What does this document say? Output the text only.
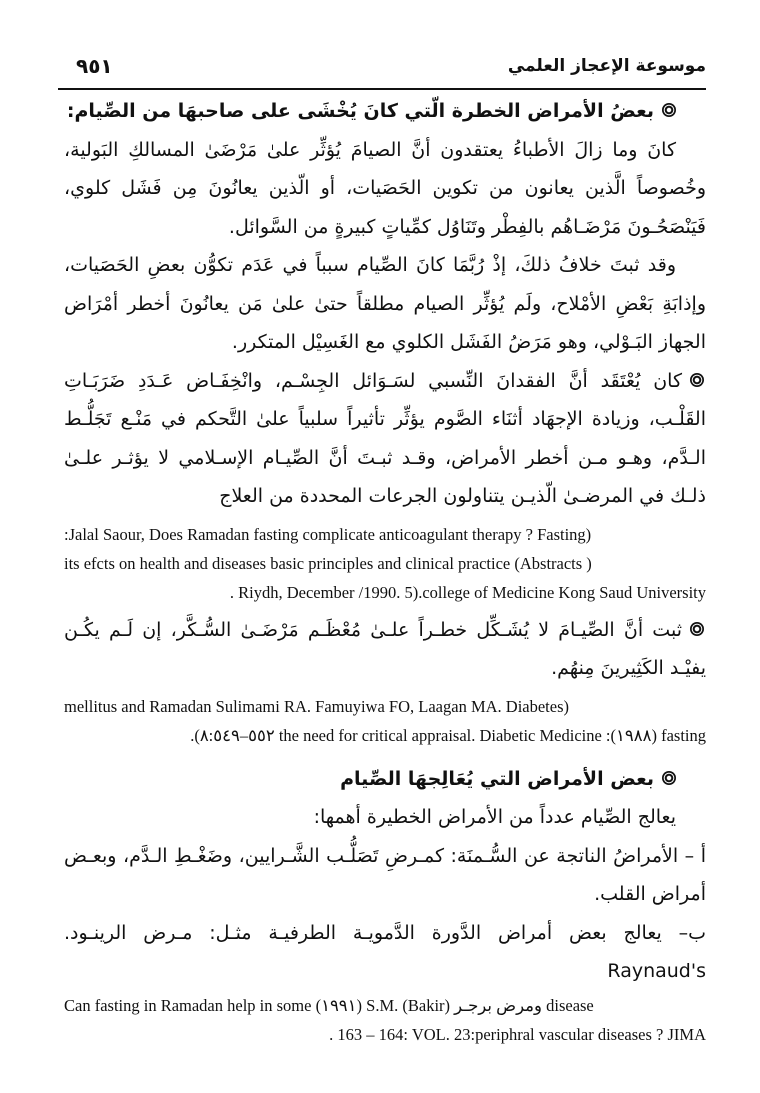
٩٥١	موسوعة الإعجاز العلمي

بعضُ الأمراض الخطرة الّتي كانَ يُخْشَى على صاحبهَا من الصِّيام:

كانَ وما زالَ الأطباءُ يعتقدون أنَّ الصيامَ يُؤثِّر علىٰ مَرْضَىٰ المسالكِ البَولية، وخُصوصاً الَّذين يعانون من تكوين الحَصَيات، أو الّذين يعانُونَ مِن فَشَل كلوي، فَيَنْصَحُـونَ مَرْضَـاهُم بالفِطْر وتَنَاوُل كمِّياتٍ كبيرةٍ من السَّوائل.

وقد ثبتَ خلافُ ذلكَ، إذْ رُبَّمَا كانَ الصِّيام سبباً في عَدَم تكوُّن بعضِ الحَصَيات، وإذابَةِ بَعْضِ الأمْلاح، ولَم يُؤثِّر الصيام مطلقاً حتىٰ علىٰ مَن يعانُونَ أخطر أمْرَاض الجهاز البَـوْلي، وهو مَرَضُ الفَشَل الكلوي مع الغَسِيْل المتكرر.

كان يُعْتَقَد أنَّ الفقدانَ النِّسبي لسَـوَائل الجِسْـم، وانْخِفَـاض عَـدَدِ ضَرَبَـاتِ القَلْـب، وزيادة الإجهَاد أثنَاء الصَّوم يؤثِّر تأثيراً سلبياً علىٰ التَّحكم في مَنْـع تَجَلُّـط الـدَّم، وهـو مـن أخطر الأمراض، وقـد ثبـتَ أنَّ الصِّيـام الإسـلامي لا يؤثـر علـىٰ ذلـك في المرضـىٰ الّذيـن يتناولون الجرعات المحددة من العلاج

:Jalal Saour, Does Ramadan fasting complicate anticoagulant therapy ? Fasting)

its efcts on health and diseases basic principles and clinical practice (Abstracts )

. Riydh, December /1990. 5).college of Medicine Kong Saud University

ثبت أنَّ الصِّيـامَ لا يُشَـكِّل خطـراً علـىٰ مُعْظَـم مَرْضَـىٰ السُّـكَّر، إن لَـم يكُـن يفيْـد الكَثِيرينَ مِنهُم.

mellitus and Ramadan Sulimami RA. Famuyiwa FO, Laagan MA. Diabetes)

.(٥٥٢–٨:٥٤٩ the need for critical appraisal. Diabetic Medicine :(١٩٨٨) fasting

بعض الأمراض التي يُعَالِجهَا الصِّيام

يعالج الصِّيام عدداً من الأمراض الخطيرة أهمها:

أ – الأمراضُ الناتجة عن السُّـمنَة: كمـرضِ تَصَلُّـب الشَّـرايين، وضَغْـطِ الـدَّم، وبعـض أمراض القلب.

ب– يعالج بعض أمراض الدَّورة الدَّمويـة الطرفيـة مثـل: مـرض الرينـود. Raynaud's

Can fasting in Ramadan help in some (١٩٩١) S.M. (Bakir) ومرض برجـر disease

. 163 – 164: VOL. 23:periphral vascular diseases ? JIMA
